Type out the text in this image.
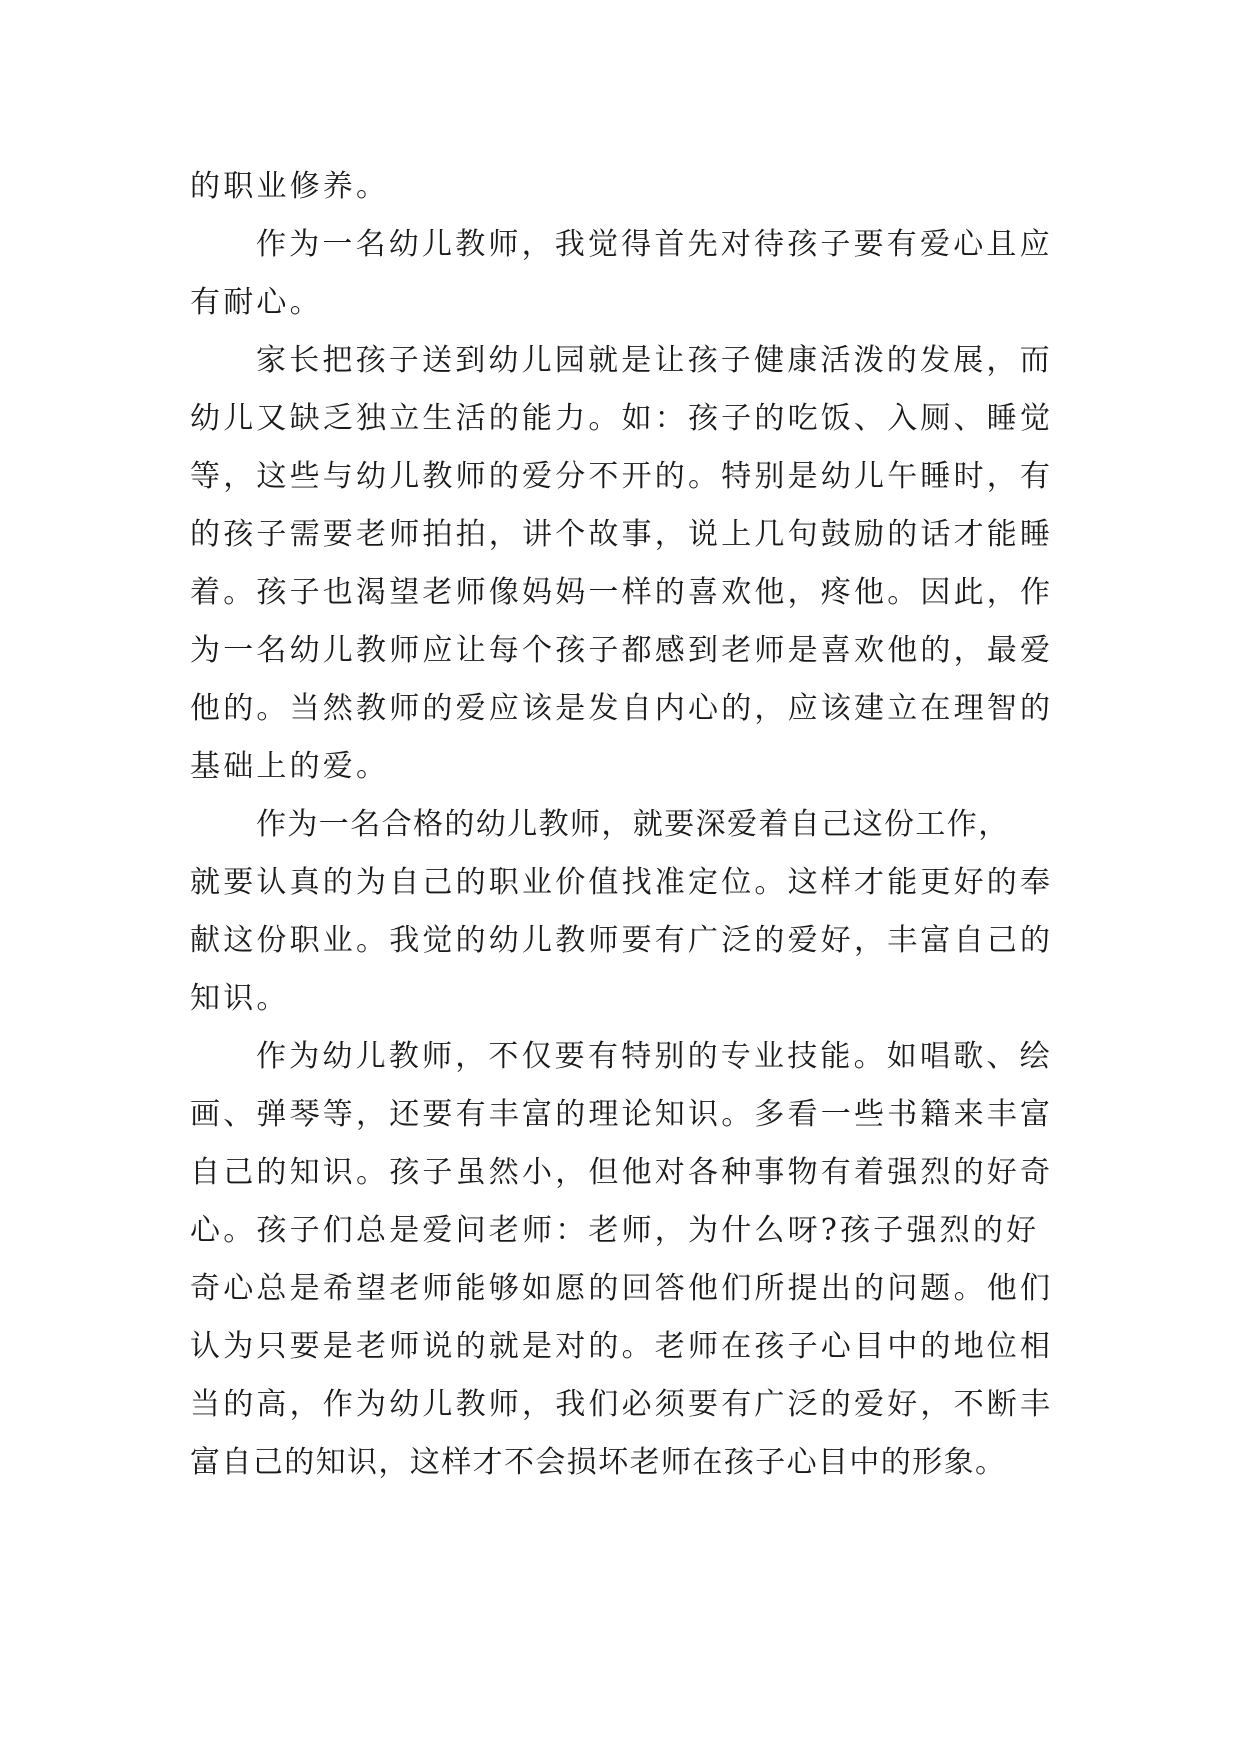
的职业修养。
作为一名幼儿教师，我觉得首先对待孩子要有爱心且应
有耐心。
家长把孩子送到幼儿园就是让孩子健康活泼的发展，而
幼儿又缺乏独立生活的能力。如：孩子的吃饭、入厕、睡觉
等，这些与幼儿教师的爱分不开的。特别是幼儿午睡时，有
的孩子需要老师拍拍，讲个故事，说上几句鼓励的话才能睡
着。孩子也渴望老师像妈妈一样的喜欢他，疼他。因此，作
为一名幼儿教师应让每个孩子都感到老师是喜欢他的，最爱
他的。当然教师的爱应该是发自内心的，应该建立在理智的
基础上的爱。
作为一名合格的幼儿教师，就要深爱着自己这份工作，
就要认真的为自己的职业价值找准定位。这样才能更好的奉
献这份职业。我觉的幼儿教师要有广泛的爱好，丰富自己的
知识。
作为幼儿教师，不仅要有特别的专业技能。如唱歌、绘
画、弹琴等，还要有丰富的理论知识。多看一些书籍来丰富
自己的知识。孩子虽然小，但他对各种事物有着强烈的好奇
心。孩子们总是爱问老师：老师，为什么呀?孩子强烈的好
奇心总是希望老师能够如愿的回答他们所提出的问题。他们
认为只要是老师说的就是对的。老师在孩子心目中的地位相
当的高，作为幼儿教师，我们必须要有广泛的爱好，不断丰
富自己的知识，这样才不会损坏老师在孩子心目中的形象。
